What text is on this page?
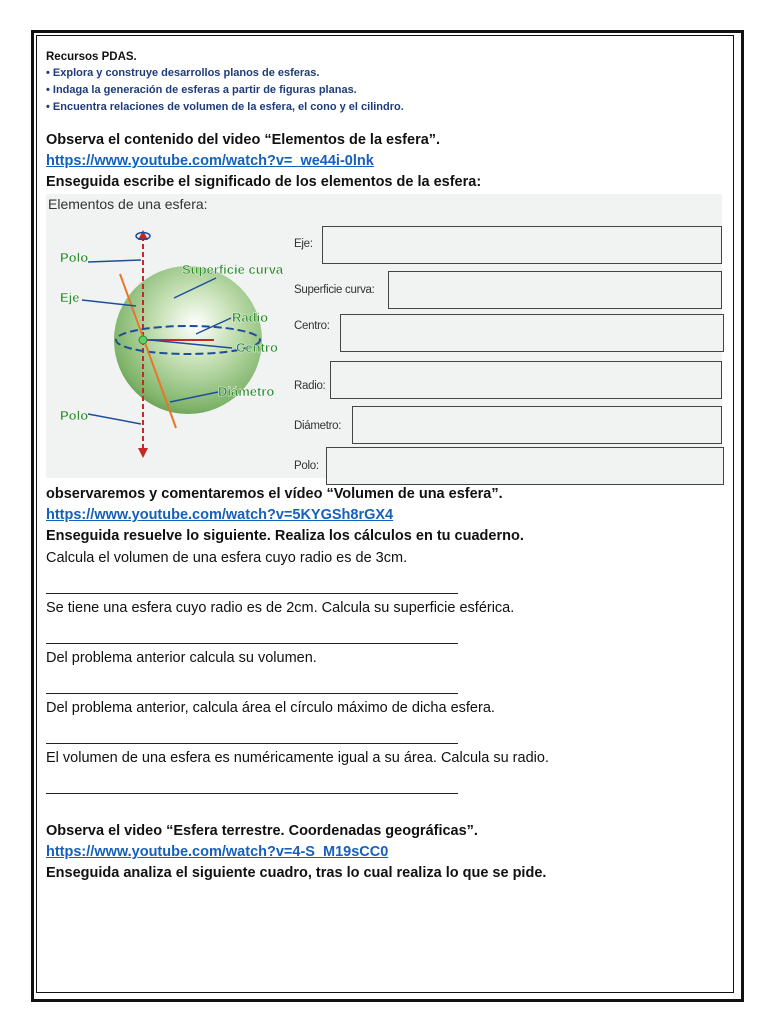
Recursos PDAS.
• Explora y construye desarrollos planos de esferas.
• Indaga la generación de esferas a partir de figuras planas.
• Encuentra relaciones de volumen de la esfera, el cono y el cilindro.
Observa el contenido del video “Elementos de la esfera”.
https://www.youtube.com/watch?v=_we44i-0lnk
Enseguida escribe el significado de los elementos de la esfera:
Elementos de una esfera:
Polo
Eje
Superficie curva
Radio
Centro
Diámetro
Polo
Eje:
Superficie curva:
Centro:
Radio:
Diámetro:
Polo:
observaremos y comentaremos el vídeo “Volumen de una esfera”.
https://www.youtube.com/watch?v=5KYGSh8rGX4
Enseguida resuelve lo siguiente. Realiza los cálculos en tu cuaderno.
Calcula el volumen de una esfera cuyo radio es de 3cm.
Se tiene una esfera cuyo radio es de 2cm. Calcula su superficie esférica.
Del problema anterior calcula su volumen.
Del problema anterior, calcula área el círculo máximo de dicha esfera.
El volumen de una esfera es numéricamente igual a su área. Calcula su radio.
Observa el video “Esfera terrestre. Coordenadas geográficas”.
https://www.youtube.com/watch?v=4-S_M19sCC0
Enseguida analiza el siguiente cuadro, tras lo cual realiza lo que se pide.
